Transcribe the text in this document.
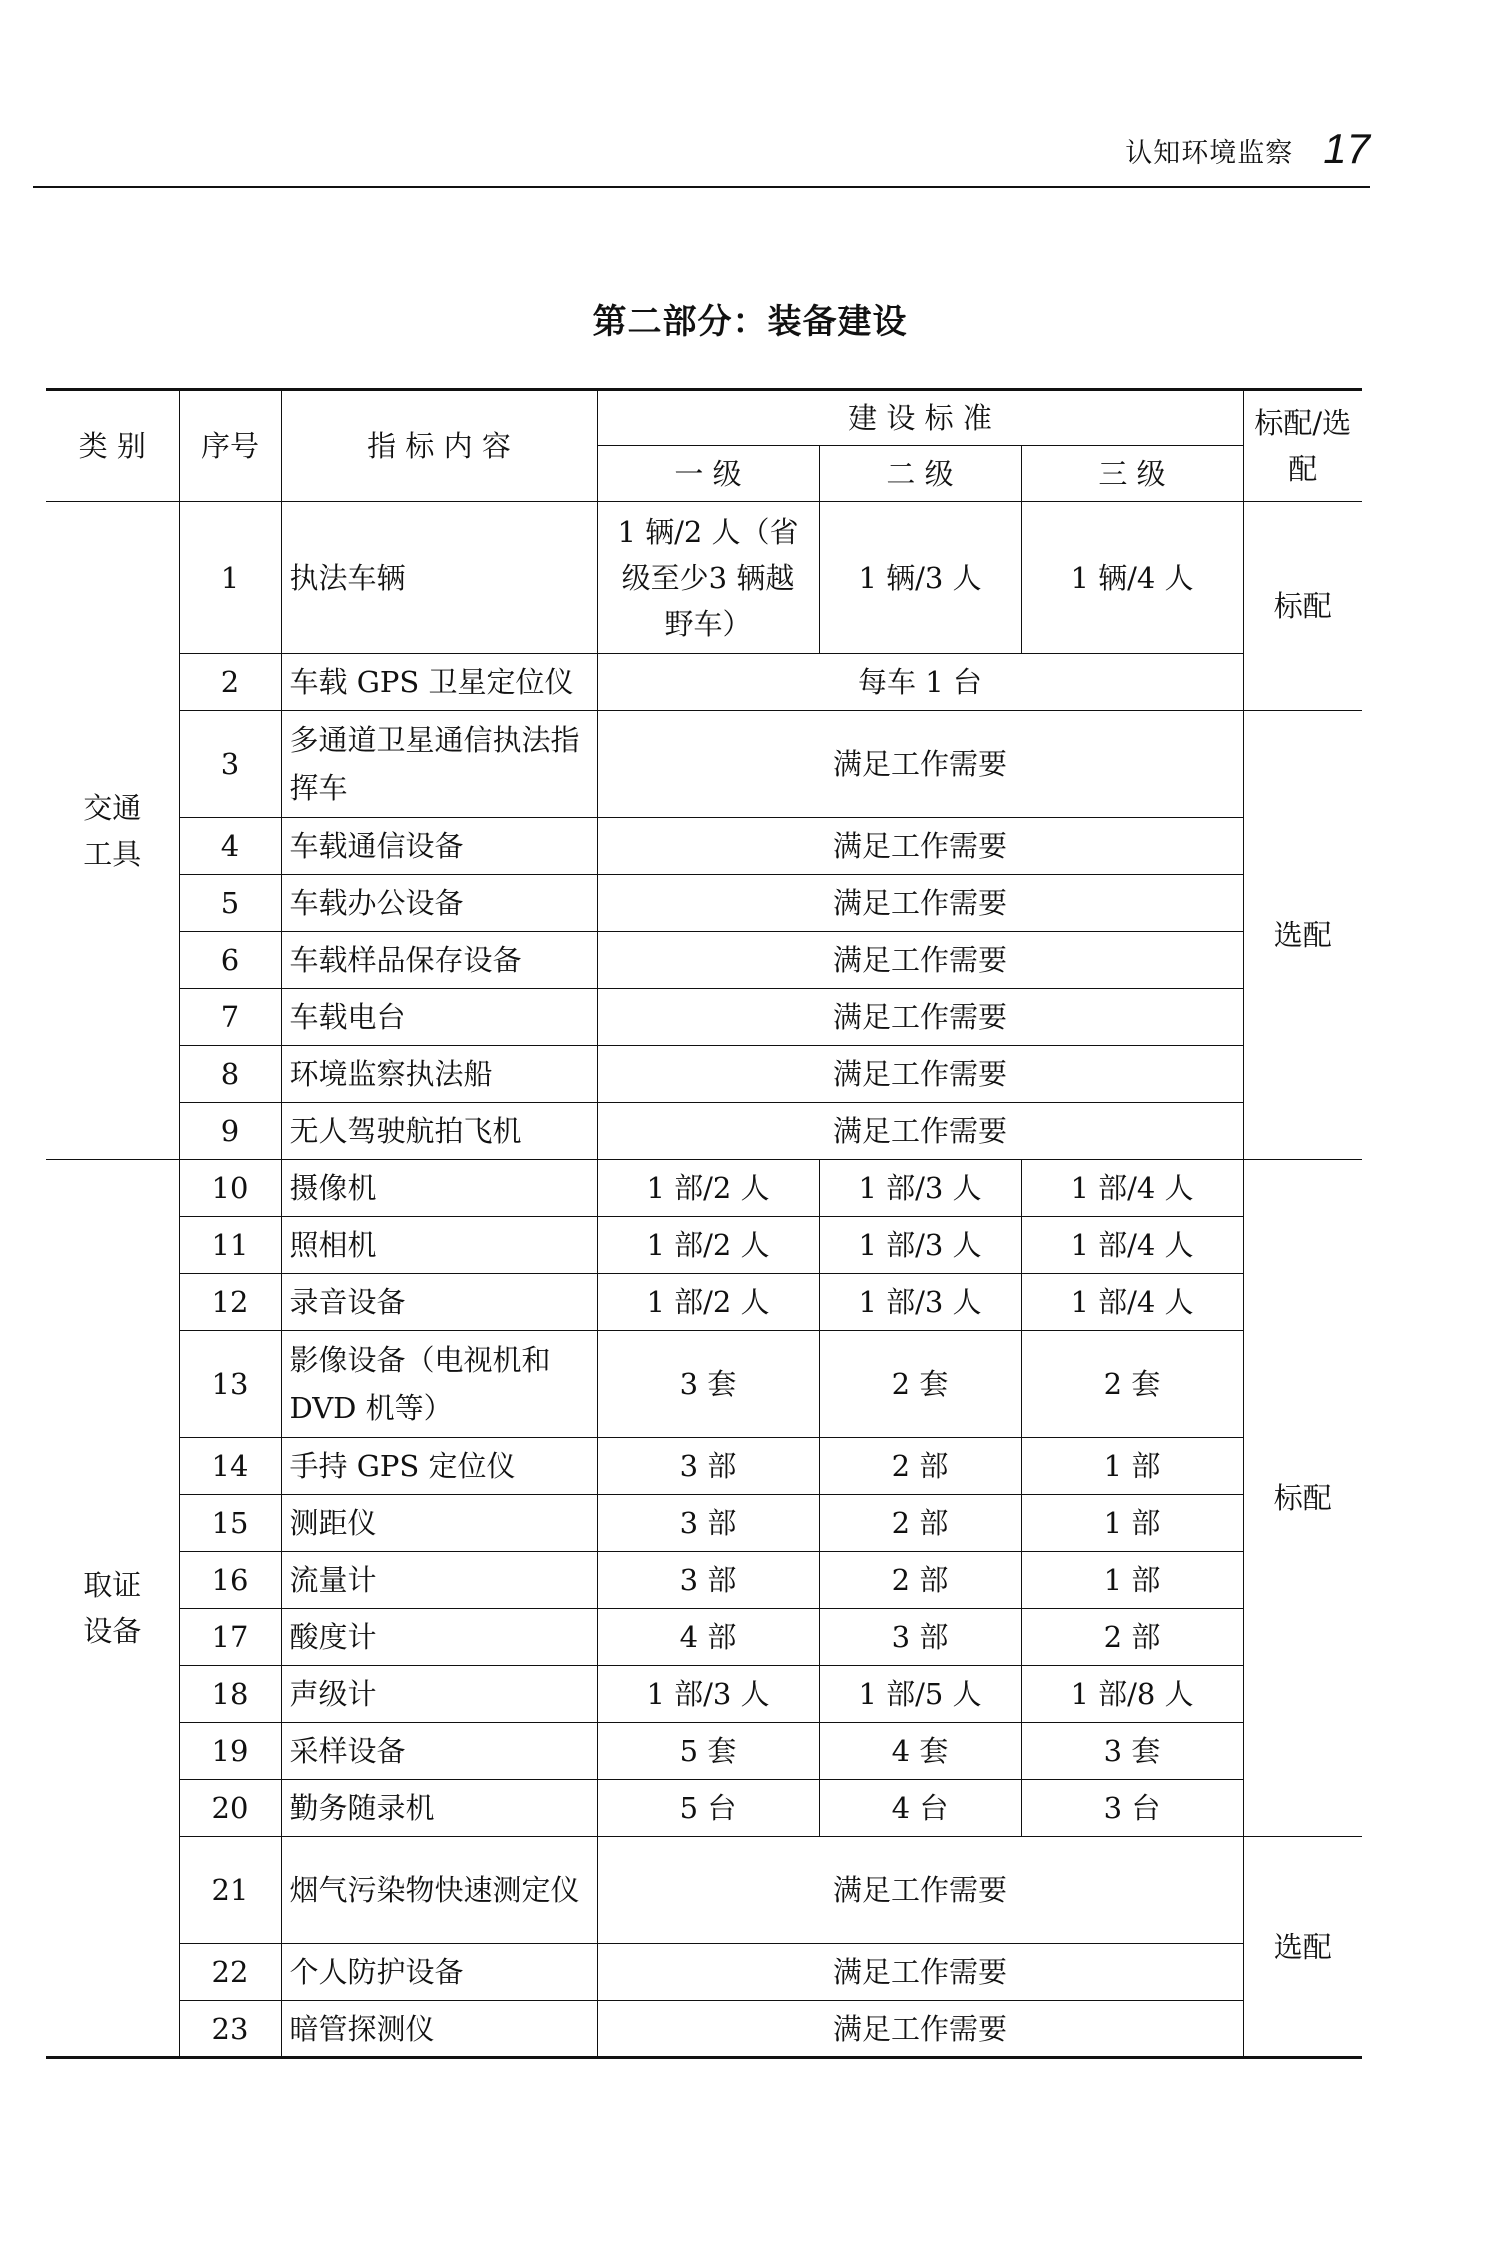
认知环境监察 17
第二部分：装备建设
类 别	序号	指 标 内 容	建 设 标 准			标配/选配
			一 级	二 级	三 级	
交通工具	1	执法车辆	1 辆/2 人（省级至少3 辆越野车）	1 辆/3 人	1 辆/4 人	标配
	2	车载 GPS 卫星定位仪	每车 1 台			
	3	多通道卫星通信执法指挥车	满足工作需要			选配
	4	车载通信设备	满足工作需要			
	5	车载办公设备	满足工作需要			
	6	车载样品保存设备	满足工作需要			
	7	车载电台	满足工作需要			
	8	环境监察执法船	满足工作需要			
	9	无人驾驶航拍飞机	满足工作需要			
取证设备	10	摄像机	1 部/2 人	1 部/3 人	1 部/4 人	标配
	11	照相机	1 部/2 人	1 部/3 人	1 部/4 人	
	12	录音设备	1 部/2 人	1 部/3 人	1 部/4 人	
	13	影像设备（电视机和DVD 机等）	3 套	2 套	2 套	
	14	手持 GPS 定位仪	3 部	2 部	1 部	
	15	测距仪	3 部	2 部	1 部	
	16	流量计	3 部	2 部	1 部	
	17	酸度计	4 部	3 部	2 部	
	18	声级计	1 部/3 人	1 部/5 人	1 部/8 人	
	19	采样设备	5 套	4 套	3 套	
	20	勤务随录机	5 台	4 台	3 台	
	21	烟气污染物快速测定仪	满足工作需要			选配
	22	个人防护设备	满足工作需要			
	23	暗管探测仪	满足工作需要			
